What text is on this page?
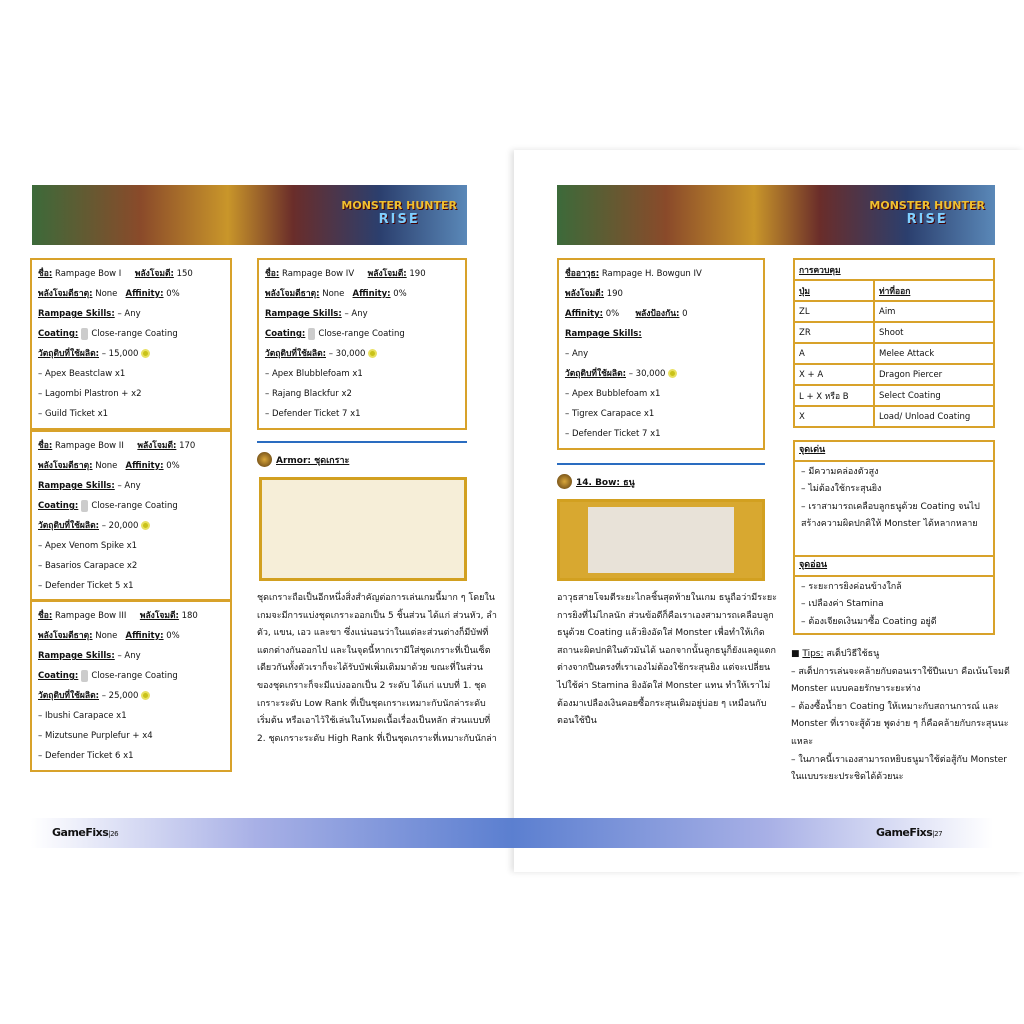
MONSTER HUNTER
RISE
MONSTER HUNTER
RISE
ชื่อ: Rampage Bow I พลังโจมตี: 150
พลังโจมตีธาตุ: None Affinity: 0%
Rampage Skills: – Any
Coating: Close-range Coating
วัตถุดิบที่ใช้ผลิต: – 15,000
– Apex Beastclaw x1
– Lagombi Plastron + x2
– Guild Ticket x1
ชื่อ: Rampage Bow II พลังโจมตี: 170
พลังโจมตีธาตุ: None Affinity: 0%
Rampage Skills: – Any
Coating: Close-range Coating
วัตถุดิบที่ใช้ผลิต: – 20,000
– Apex Venom Spike x1
– Basarios Carapace x2
– Defender Ticket 5 x1
ชื่อ: Rampage Bow III พลังโจมตี: 180
พลังโจมตีธาตุ: None Affinity: 0%
Rampage Skills: – Any
Coating: Close-range Coating
วัตถุดิบที่ใช้ผลิต: – 25,000
– Ibushi Carapace x1
– Mizutsune Purplefur + x4
– Defender Ticket 6 x1
ชื่อ: Rampage Bow IV พลังโจมตี: 190
พลังโจมตีธาตุ: None Affinity: 0%
Rampage Skills: – Any
Coating: Close-range Coating
วัตถุดิบที่ใช้ผลิต: – 30,000
– Apex Blubblefoam x1
– Rajang Blackfur x2
– Defender Ticket 7 x1
Armor: ชุดเกราะ
ชุดเกราะถือเป็นอีกหนึ่งสิ่งสำคัญต่อการเล่นเกมนี้มาก ๆ โดยในเกมจะมีการแบ่งชุดเกราะออกเป็น 5 ชิ้นส่วน ได้แก่ ส่วนหัว, ลำตัว, แขน, เอว และขา ซึ่งแน่นอนว่าในแต่ละส่วนต่างก็มีบัฟที่แตกต่างกันออกไป และในจุดนี้หากเรามีใส่ชุดเกราะที่เป็นเซ็ตเดียวกันทั้งตัวเราก็จะได้รับบัฟเพิ่มเติมมาด้วย ขณะที่ในส่วนของชุดเกราะก็จะมีแบ่งออกเป็น 2 ระดับ ได้แก่ แบบที่ 1. ชุดเกราะระดับ Low Rank ที่เป็นชุดเกราะเหมาะกับนักล่าระดับเริ่มต้น หรือเอาไว้ใช้เล่นในโหมดเนื้อเรื่องเป็นหลัก ส่วนแบบที่ 2. ชุดเกราะระดับ High Rank ที่เป็นชุดเกราะที่เหมาะกับนักล่า
ชื่ออาวุธ: Rampage H. Bowgun IV
พลังโจมตี: 190
Affinity: 0% พลังป้องกัน: 0
Rampage Skills:
– Any
วัตถุดิบที่ใช้ผลิต: – 30,000
– Apex Bubblefoam x1
– Tigrex Carapace x1
– Defender Ticket 7 x1
14. Bow: ธนู
อาวุธสายโจมตีระยะไกลชิ้นสุดท้ายในเกม ธนูถือว่ามีระยะการยิงที่ไม่ไกลนัก ส่วนข้อดีก็คือเราเองสามารถเคลือบลูกธนูด้วย Coating แล้วยิงอัดใส่ Monster เพื่อทำให้เกิดสถานะผิดปกติในตัวมันได้ นอกจากนั้นลูกธนูก็ยังแลดูแตกต่างจากปืนตรงที่เราเองไม่ต้องใช้กระสุนยิง แต่จะเปลี่ยนไปใช้ค่า Stamina ยิงอัดใส่ Monster แทน ทำให้เราไม่ต้องมาเปลืองเงินคอยซื้อกระสุนเติมอยู่บ่อย ๆ เหมือนกับตอนใช้ปืน
การควบคุม	
ปุ่ม	ท่าที่ออก
ZL	Aim
ZR	Shoot
A	Melee Attack
X + A	Dragon Piercer
L + X หรือ B	Select Coating
X	Load/ Unload Coating
จุดเด่น
– มีความคล่องตัวสูง
– ไม่ต้องใช้กระสุนยิง
– เราสามารถเคลือบลูกธนูด้วย Coating จนไปสร้างความผิดปกติให้ Monster ได้หลากหลาย
จุดอ่อน
– ระยะการยิงค่อนข้างใกล้
– เปลืองค่า Stamina
– ต้องเจียดเงินมาซื้อ Coating อยู่ดี
■ Tips: สเต็ปวิธีใช้ธนู
– สเต็ปการเล่นจะคล้ายกับตอนเราใช้ปืนเบา คือเน้นโจมตี Monster แบบคอยรักษาระยะห่าง
– ต้องซื้อน้ำยา Coating ให้เหมาะกับสถานการณ์ และ Monster ที่เราจะสู้ด้วย พูดง่าย ๆ ก็คือคล้ายกับกระสุนนะแหละ
– ในภาคนี้เราเองสามารถหยิบธนูมาใช้ต่อสู้กับ Monster ในแบบระยะประชิดได้ด้วยนะ
GameFixs|26	GameFixs|27
